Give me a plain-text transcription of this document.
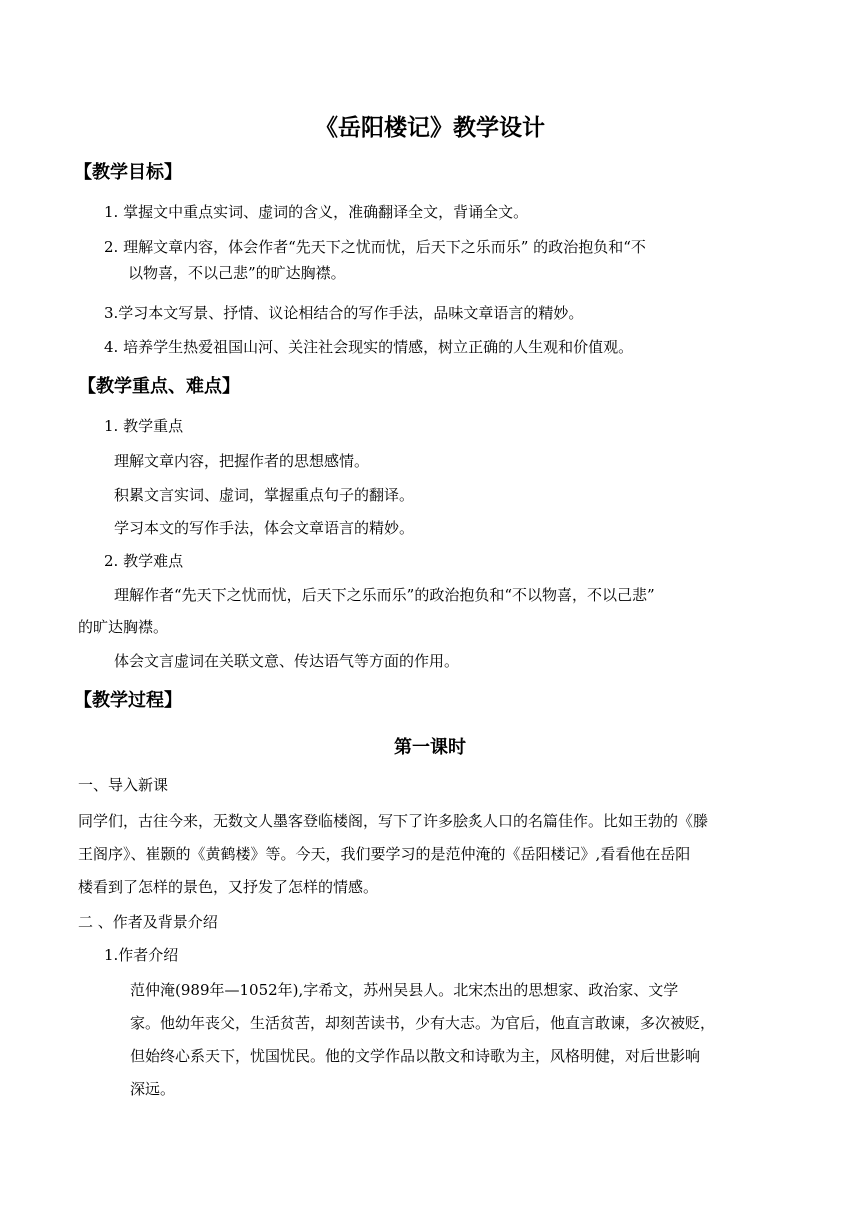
《岳阳楼记》教学设计
【教学目标】
1. 掌握文中重点实词、虚词的含义，准确翻译全文，背诵全文。
2. 理解文章内容，体会作者“先天下之忧而忧，后天下之乐而乐” 的政治抱负和“不
以物喜，不以己悲”的旷达胸襟。
3.学习本文写景、抒情、议论相结合的写作手法，品味文章语言的精妙。
4. 培养学生热爱祖国山河、关注社会现实的情感，树立正确的人生观和价值观。
【教学重点、难点】
1. 教学重点
理解文章内容，把握作者的思想感情。
积累文言实词、虚词，掌握重点句子的翻译。
学习本文的写作手法，体会文章语言的精妙。
2. 教学难点
理解作者“先天下之忧而忧，后天下之乐而乐”的政治抱负和“不以物喜，不以己悲”
的旷达胸襟。
体会文言虚词在关联文意、传达语气等方面的作用。
【教学过程】
第一课时
一、导入新课
同学们，古往今来，无数文人墨客登临楼阁，写下了许多脍炙人口的名篇佳作。比如王勃的《滕
王阁序》、崔颢的《黄鹤楼》等。今天，我们要学习的是范仲淹的《岳阳楼记》,看看他在岳阳
楼看到了怎样的景色，又抒发了怎样的情感。
二 、作者及背景介绍
1.作者介绍
范仲淹(989年—1052年),字希文，苏州吴县人。北宋杰出的思想家、政治家、文学
家。他幼年丧父，生活贫苦，却刻苦读书，少有大志。为官后，他直言敢谏，多次被贬，
但始终心系天下，忧国忧民。他的文学作品以散文和诗歌为主，风格明健，对后世影响
深远。
